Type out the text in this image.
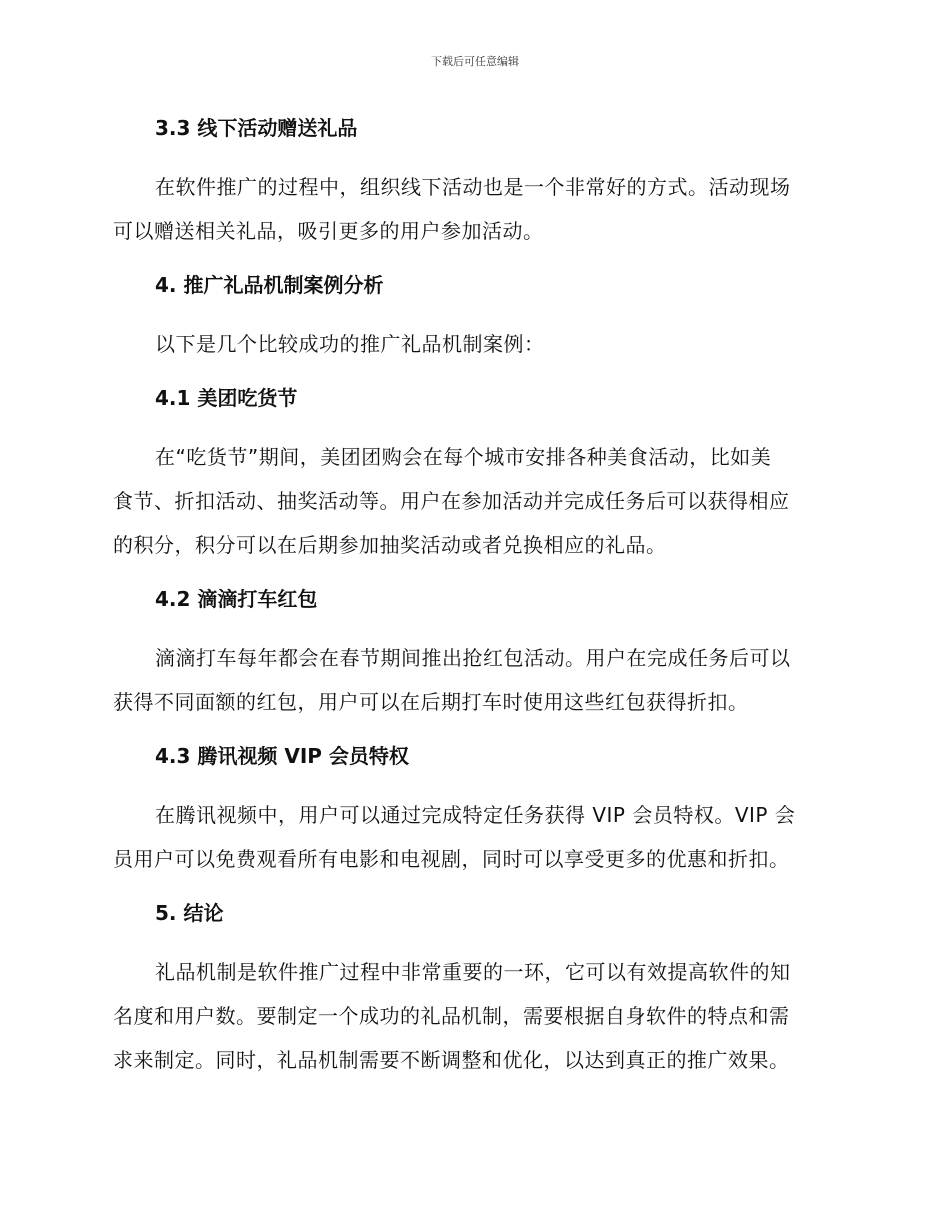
下载后可任意编辑
3.3 线下活动赠送礼品
在软件推广的过程中，组织线下活动也是一个非常好的方式。活动现场
可以赠送相关礼品，吸引更多的用户参加活动。
4. 推广礼品机制案例分析
以下是几个比较成功的推广礼品机制案例：
4.1 美团吃货节
在“吃货节”期间，美团团购会在每个城市安排各种美食活动，比如美
食节、折扣活动、抽奖活动等。用户在参加活动并完成任务后可以获得相应
的积分，积分可以在后期参加抽奖活动或者兑换相应的礼品。
4.2 滴滴打车红包
滴滴打车每年都会在春节期间推出抢红包活动。用户在完成任务后可以
获得不同面额的红包，用户可以在后期打车时使用这些红包获得折扣。
4.3 腾讯视频 VIP 会员特权
在腾讯视频中，用户可以通过完成特定任务获得 VIP 会员特权。VIP 会
员用户可以免费观看所有电影和电视剧，同时可以享受更多的优惠和折扣。
5. 结论
礼品机制是软件推广过程中非常重要的一环，它可以有效提高软件的知
名度和用户数。要制定一个成功的礼品机制，需要根据自身软件的特点和需
求来制定。同时，礼品机制需要不断调整和优化，以达到真正的推广效果。
